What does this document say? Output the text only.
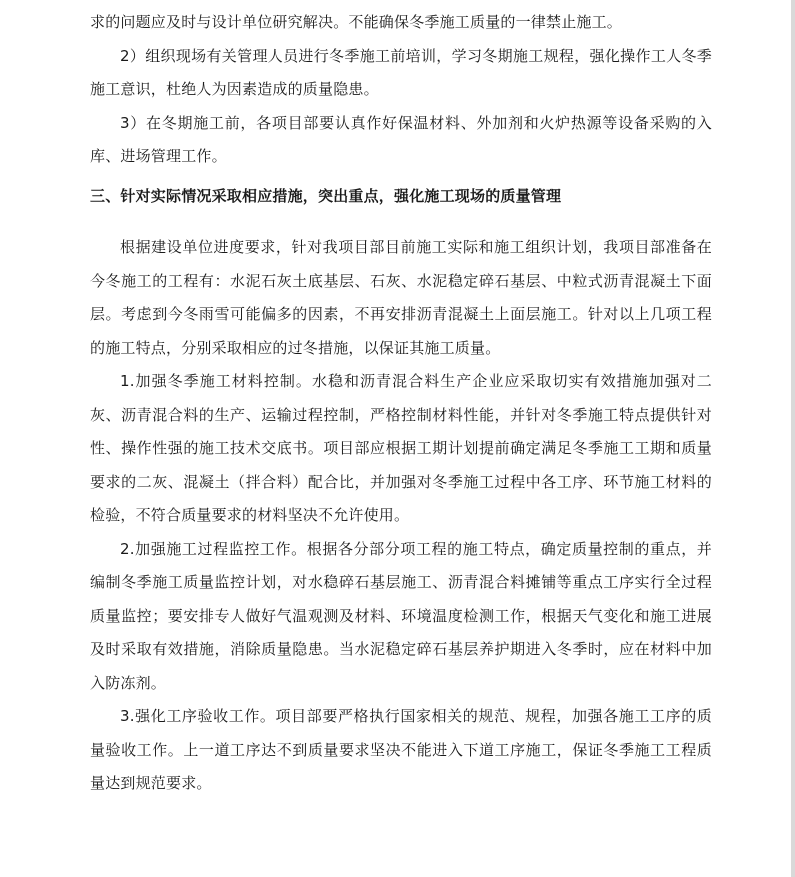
求的问题应及时与设计单位研究解决。不能确保冬季施工质量的一律禁止施工。

2）组织现场有关管理人员进行冬季施工前培训，学习冬期施工规程，强化操作工人冬季施工意识，杜绝人为因素造成的质量隐患。

3）在冬期施工前，各项目部要认真作好保温材料、外加剂和火炉热源等设备采购的入库、进场管理工作。

三、针对实际情况采取相应措施，突出重点，强化施工现场的质量管理

根据建设单位进度要求，针对我项目部目前施工实际和施工组织计划，我项目部准备在今冬施工的工程有：水泥石灰土底基层、石灰、水泥稳定碎石基层、中粒式沥青混凝土下面层。考虑到今冬雨雪可能偏多的因素，不再安排沥青混凝土上面层施工。针对以上几项工程的施工特点，分别采取相应的过冬措施，以保证其施工质量。

1.加强冬季施工材料控制。水稳和沥青混合料生产企业应采取切实有效措施加强对二灰、沥青混合料的生产、运输过程控制，严格控制材料性能，并针对冬季施工特点提供针对性、操作性强的施工技术交底书。项目部应根据工期计划提前确定满足冬季施工工期和质量要求的二灰、混凝土（拌合料）配合比，并加强对冬季施工过程中各工序、环节施工材料的检验，不符合质量要求的材料坚决不允许使用。

2.加强施工过程监控工作。根据各分部分项工程的施工特点，确定质量控制的重点，并编制冬季施工质量监控计划，对水稳碎石基层施工、沥青混合料摊铺等重点工序实行全过程质量监控；要安排专人做好气温观测及材料、环境温度检测工作，根据天气变化和施工进展及时采取有效措施，消除质量隐患。当水泥稳定碎石基层养护期进入冬季时，应在材料中加入防冻剂。

3.强化工序验收工作。项目部要严格执行国家相关的规范、规程，加强各施工工序的质量验收工作。上一道工序达不到质量要求坚决不能进入下道工序施工，保证冬季施工工程质量达到规范要求。
